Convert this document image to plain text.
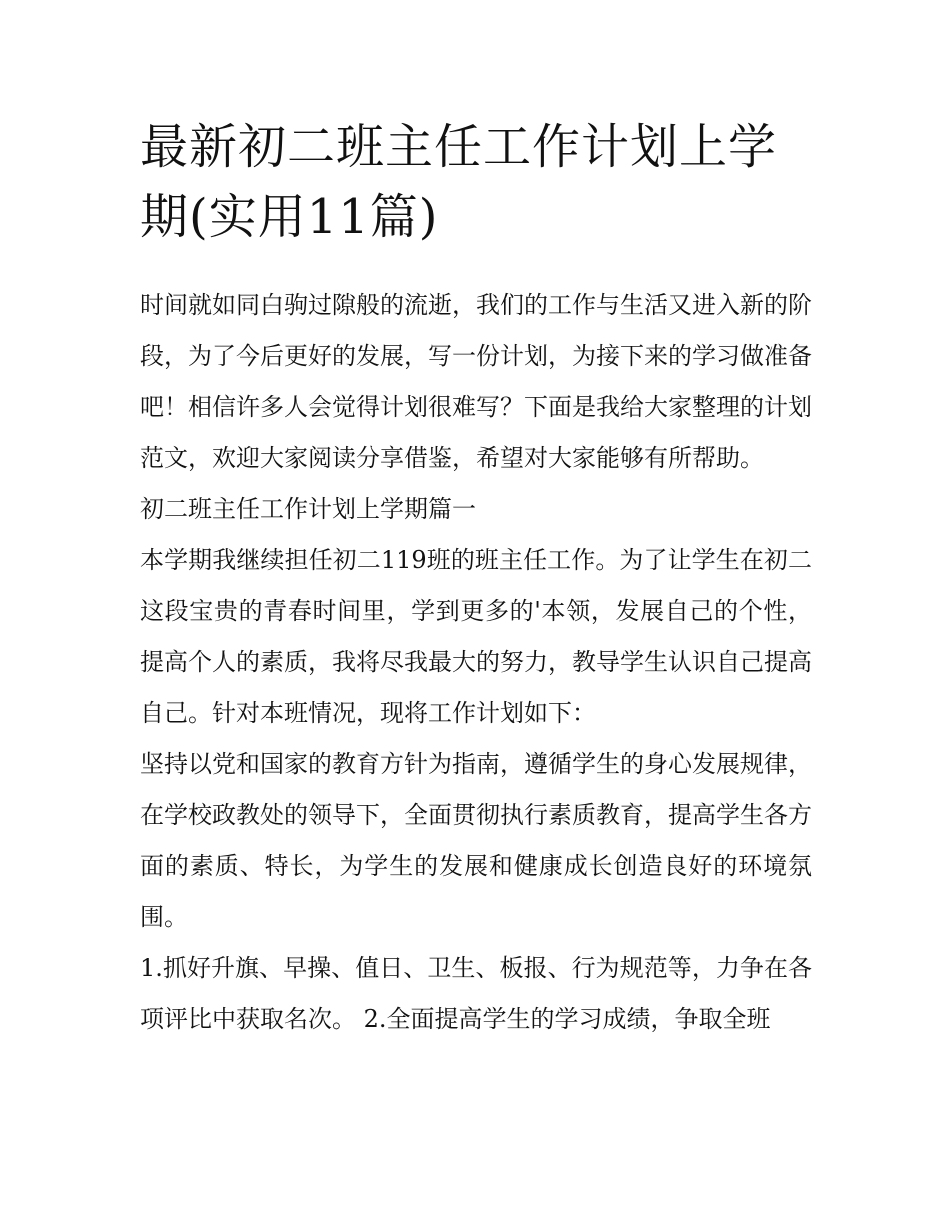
最新初二班主任工作计划上学期(实用11篇)

时间就如同白驹过隙般的流逝，我们的工作与生活又进入新的阶段，为了今后更好的发展，写一份计划，为接下来的学习做准备吧！相信许多人会觉得计划很难写？下面是我给大家整理的计划范文，欢迎大家阅读分享借鉴，希望对大家能够有所帮助。

初二班主任工作计划上学期篇一

本学期我继续担任初二119班的班主任工作。为了让学生在初二这段宝贵的青春时间里，学到更多的'本领，发展自己的个性，提高个人的素质，我将尽我最大的努力，教导学生认识自己提高自己。针对本班情况，现将工作计划如下：

坚持以党和国家的教育方针为指南，遵循学生的身心发展规律，在学校政教处的领导下，全面贯彻执行素质教育，提高学生各方面的素质、特长，为学生的发展和健康成长创造良好的环境氛围。

1.抓好升旗、早操、值日、卫生、板报、行为规范等，力争在各项评比中获取名次。 2.全面提高学生的学习成绩，争取全班
